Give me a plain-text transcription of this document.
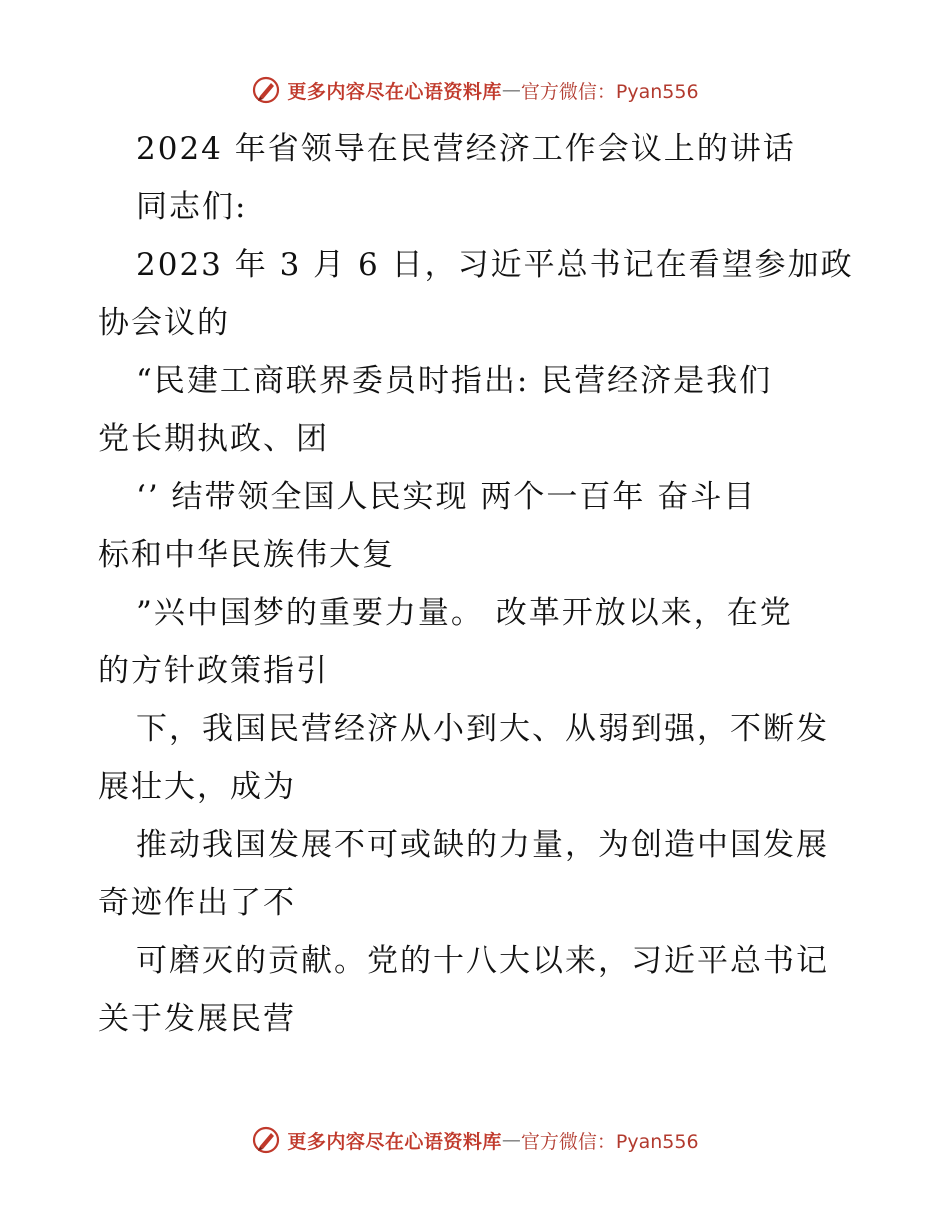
更多内容尽在心语资料库 — 官方微信：Pyan556
2024 年省领导在民营经济工作会议上的讲话
同志们:
2023 年 3 月 6 日，习近平总书记在看望参加政
协会议的
“民建工商联界委员时指出: 民营经济是我们
党长期执政、团
‘’ 结带领全国人民实现 两个一百年 奋斗目
标和中华民族伟大复
”兴中国梦的重要力量。 改革开放以来，在党
的方针政策指引
下，我国民营经济从小到大、从弱到强，不断发
展壮大，成为
推动我国发展不可或缺的力量，为创造中国发展
奇迹作出了不
可磨灭的贡献。党的十八大以来，习近平总书记
关于发展民营
更多内容尽在心语资料库 — 官方微信：Pyan556
